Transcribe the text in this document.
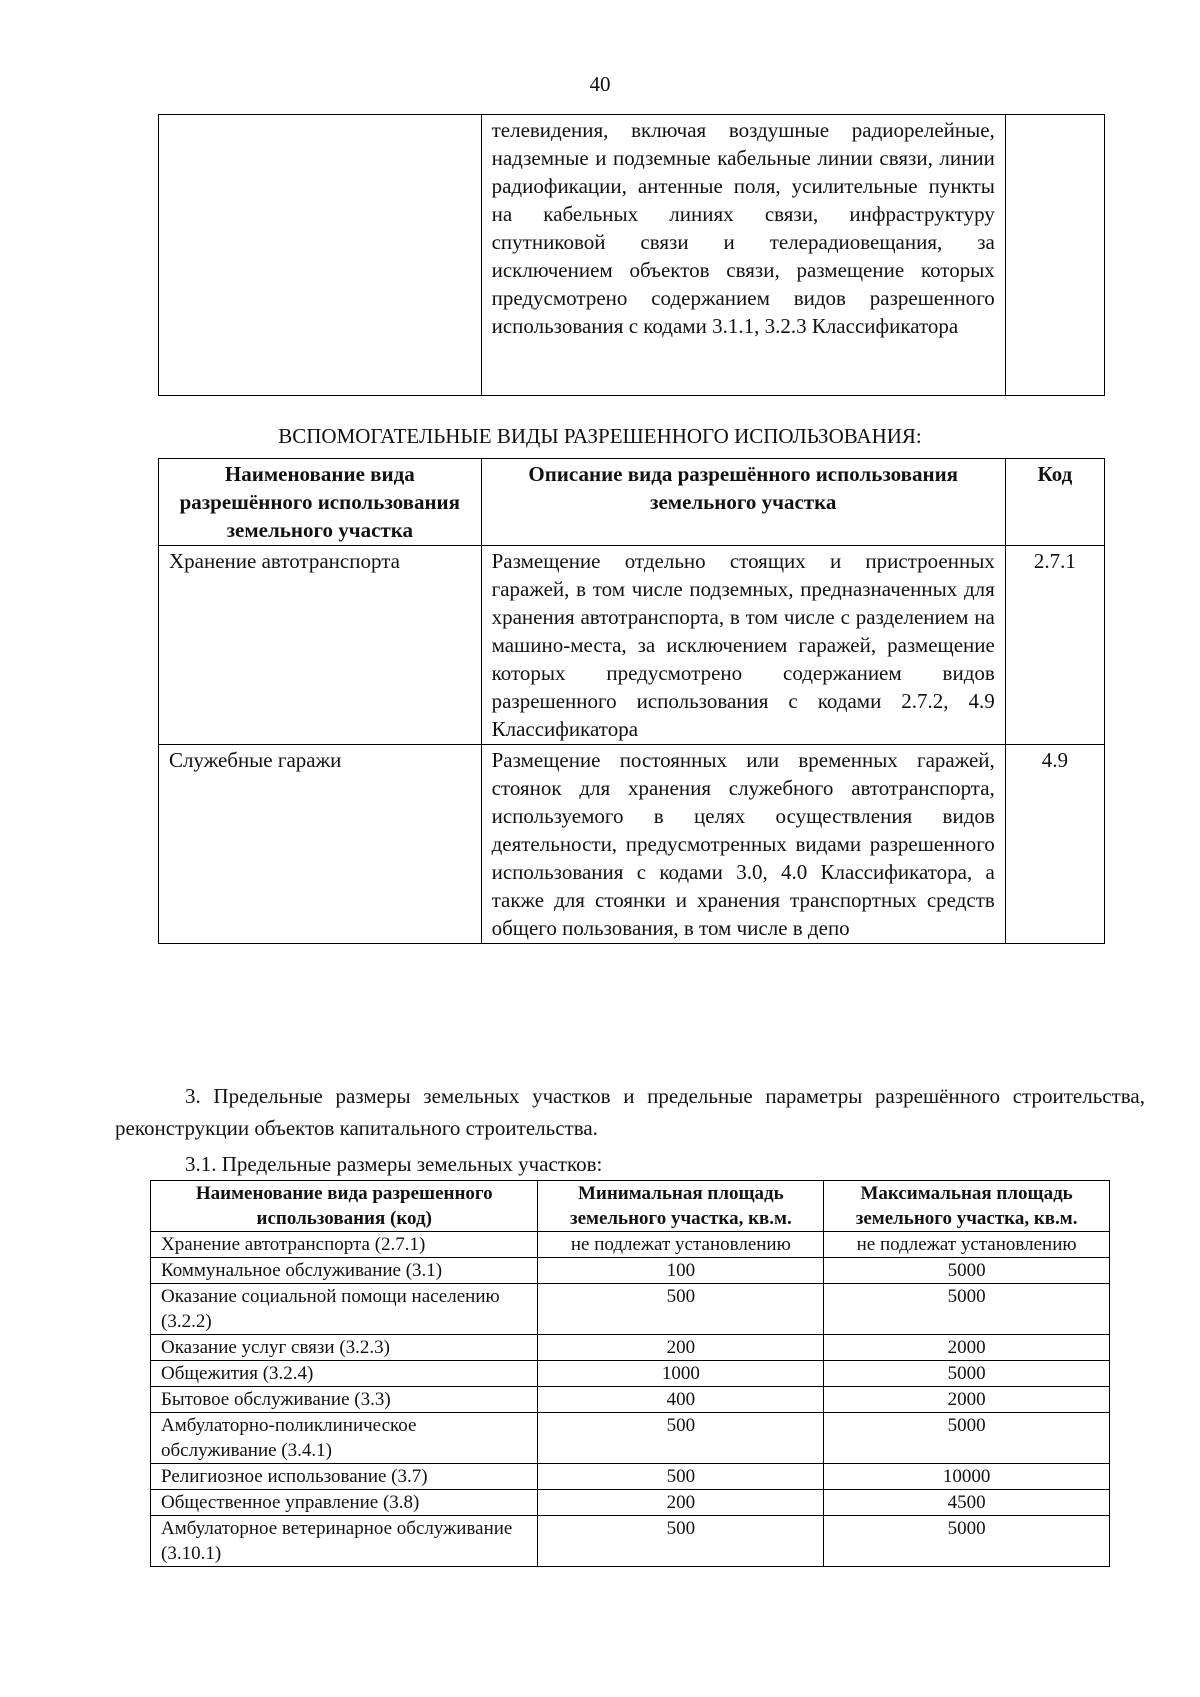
40
	телевидения, включая воздушные радиорелейные, надземные и подземные кабельные линии связи, линии радиофикации, антенные поля, усилительные пункты на кабельных линиях связи, инфраструктуру спутниковой связи и телерадиовещания, за исключением объектов связи, размещение которых предусмотрено содержанием видов разрешенного использования с кодами 3.1.1, 3.2.3 Классификатора	
ВСПОМОГАТЕЛЬНЫЕ ВИДЫ РАЗРЕШЕННОГО ИСПОЛЬЗОВАНИЯ:
Наименование вида разрешённого использования земельного участка	Описание вида разрешённого использования земельного участка	Код
Хранение автотранспорта	Размещение отдельно стоящих и пристроенных гаражей, в том числе подземных, предназначенных для хранения автотранспорта, в том числе с разделением на машино-места, за исключением гаражей, размещение которых предусмотрено содержанием видов разрешенного использования с кодами 2.7.2, 4.9 Классификатора	2.7.1
Служебные гаражи	Размещение постоянных или временных гаражей, стоянок для хранения служебного автотранспорта, используемого в целях осуществления видов деятельности, предусмотренных видами разрешенного использования с кодами 3.0, 4.0 Классификатора, а также для стоянки и хранения транспортных средств общего пользования, в том числе в депо	4.9
3. Предельные размеры земельных участков и предельные параметры разрешённого строительства, реконструкции объектов капитального строительства.
3.1. Предельные размеры земельных участков:
Наименование вида разрешенного использования (код)	Минимальная площадь земельного участка, кв.м.	Максимальная площадь земельного участка, кв.м.
Хранение автотранспорта (2.7.1)	не подлежат установлению	не подлежат установлению
Коммунальное обслуживание (3.1)	100	5000
Оказание социальной помощи населению (3.2.2)	500	5000
Оказание услуг связи (3.2.3)	200	2000
Общежития (3.2.4)	1000	5000
Бытовое обслуживание (3.3)	400	2000
Амбулаторно-поликлиническое обслуживание (3.4.1)	500	5000
Религиозное использование (3.7)	500	10000
Общественное управление (3.8)	200	4500
Амбулаторное ветеринарное обслуживание (3.10.1)	500	5000
